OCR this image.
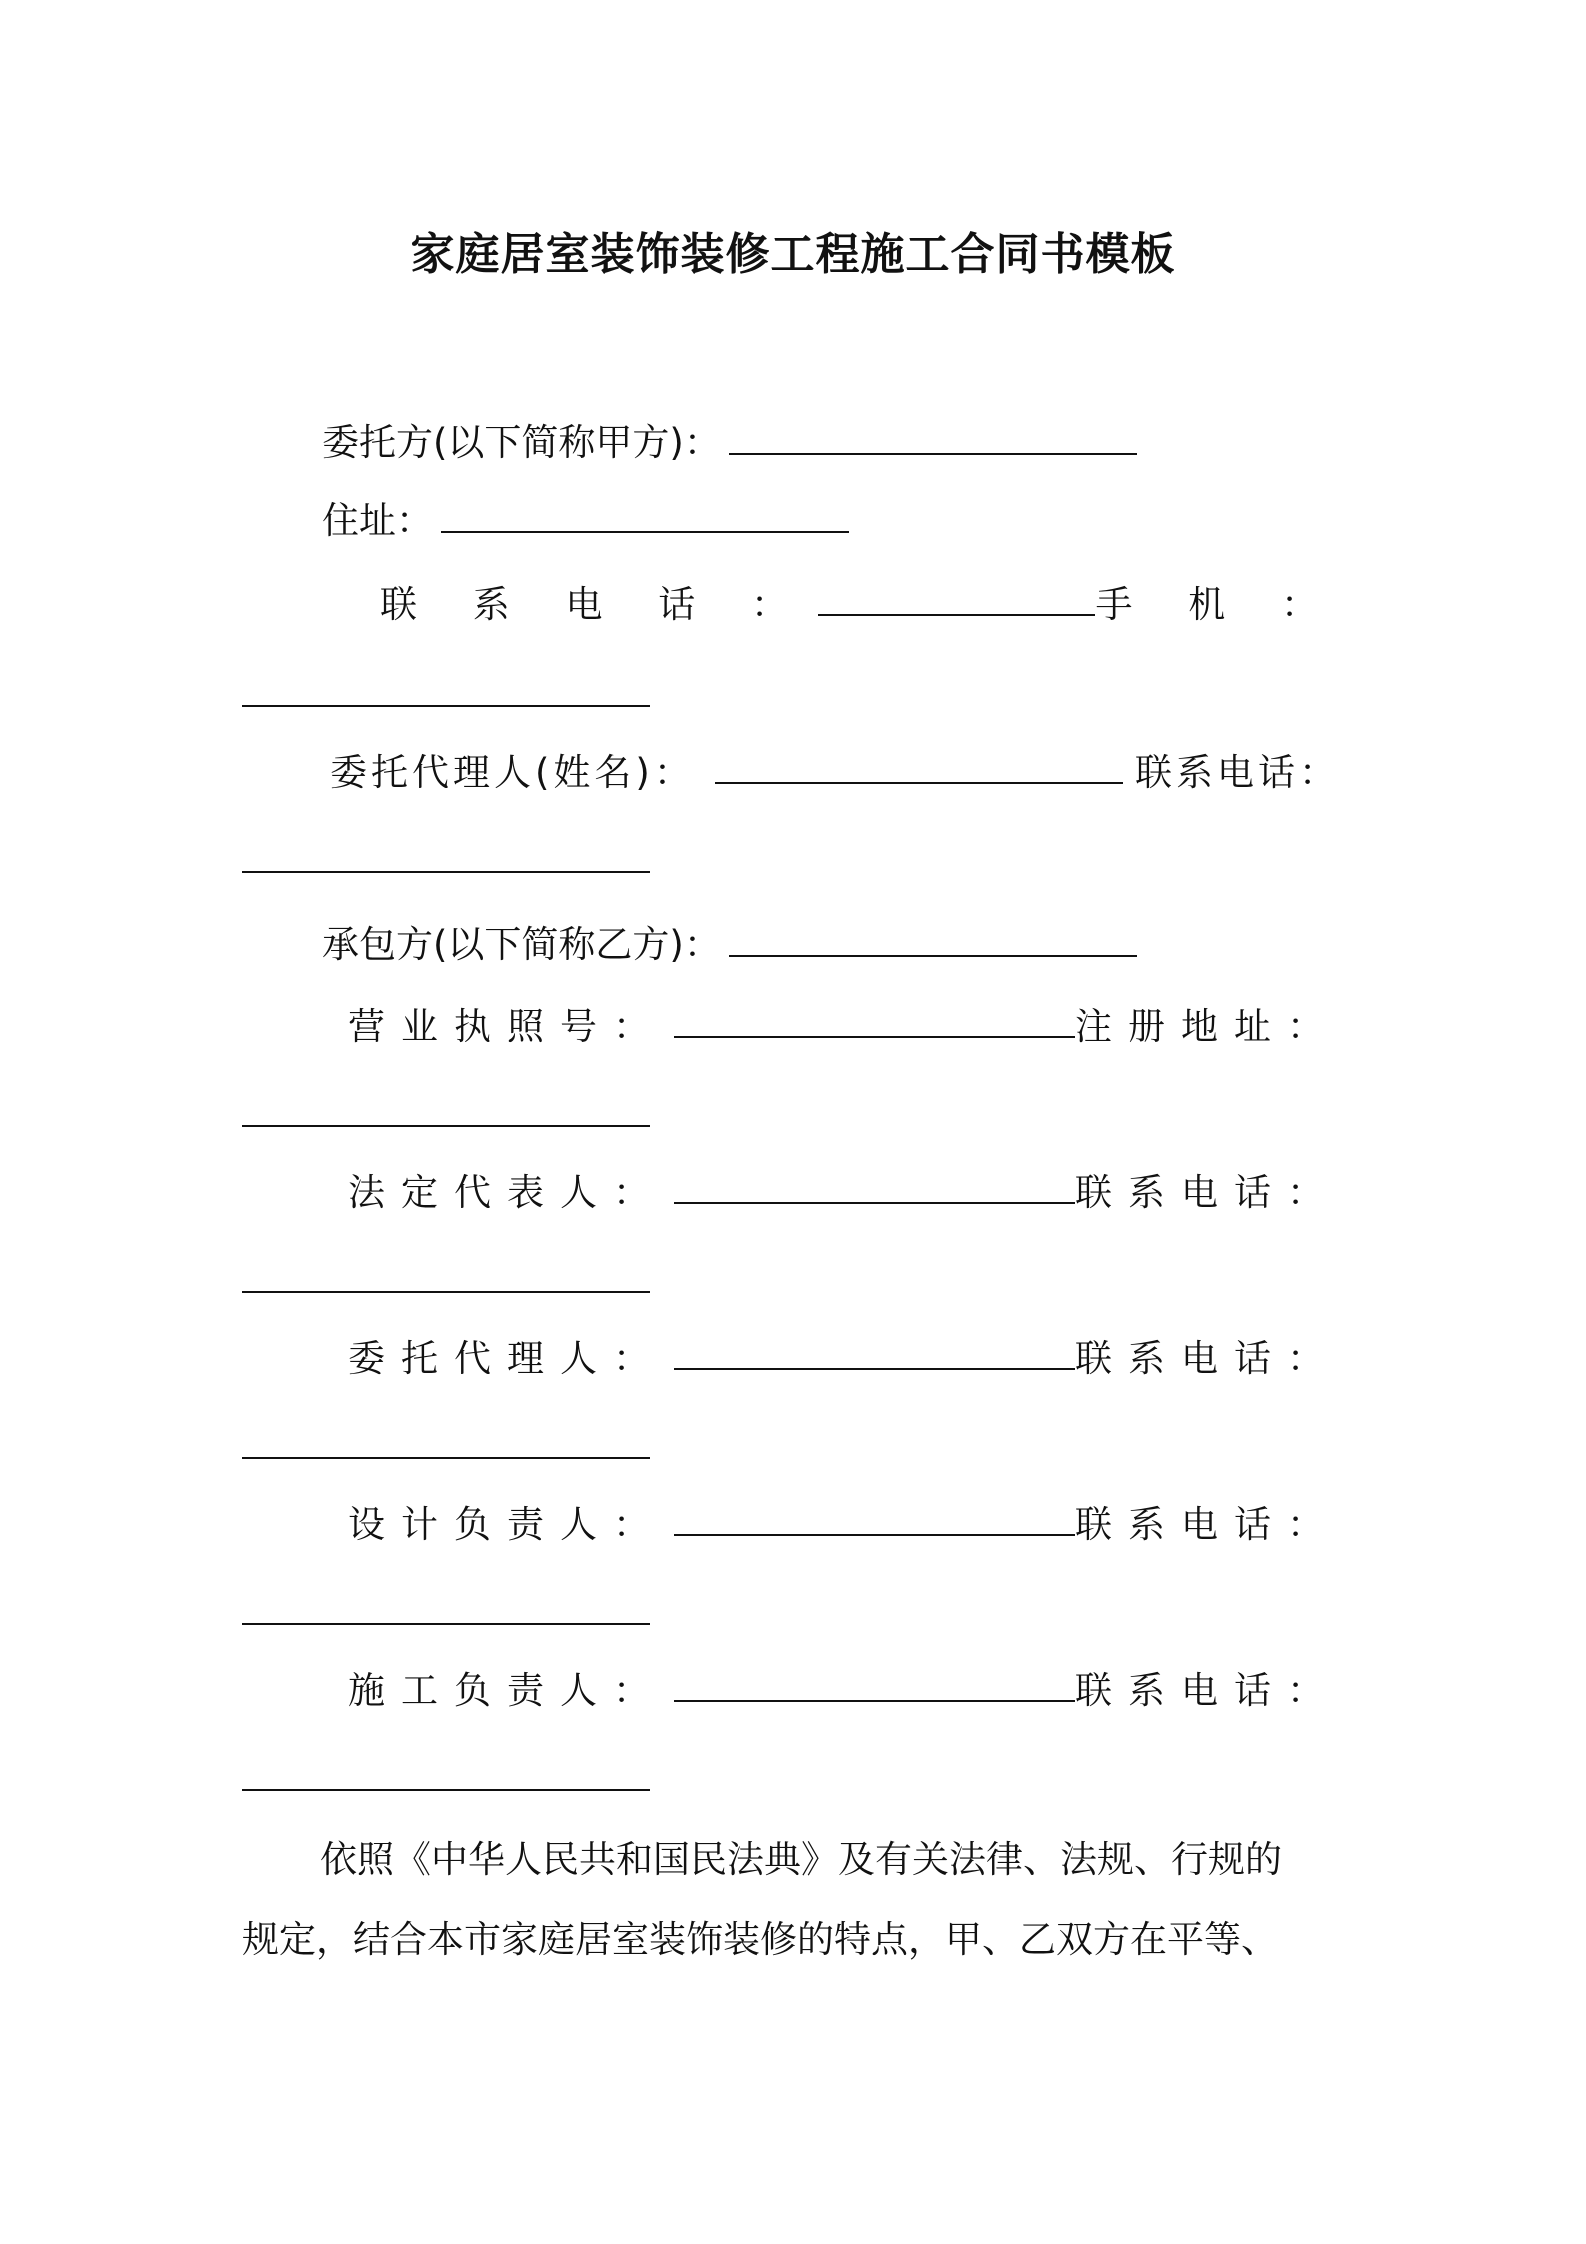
家庭居室装饰装修工程施工合同书模板
委托方(以下简称甲方)：
住址：
联 系 电 话 ：	手 机 ：
委托代理人(姓名)：	联系电话：
承包方(以下简称乙方)：
营业执照号：	注册地址：
法定代表人：	联系电话：
委托代理人：	联系电话：
设计负责人：	联系电话：
施工负责人：	联系电话：

依照《中华人民共和国民法典》及有关法律、法规、行规的
规定，结合本市家庭居室装饰装修的特点，甲、乙双方在平等、
